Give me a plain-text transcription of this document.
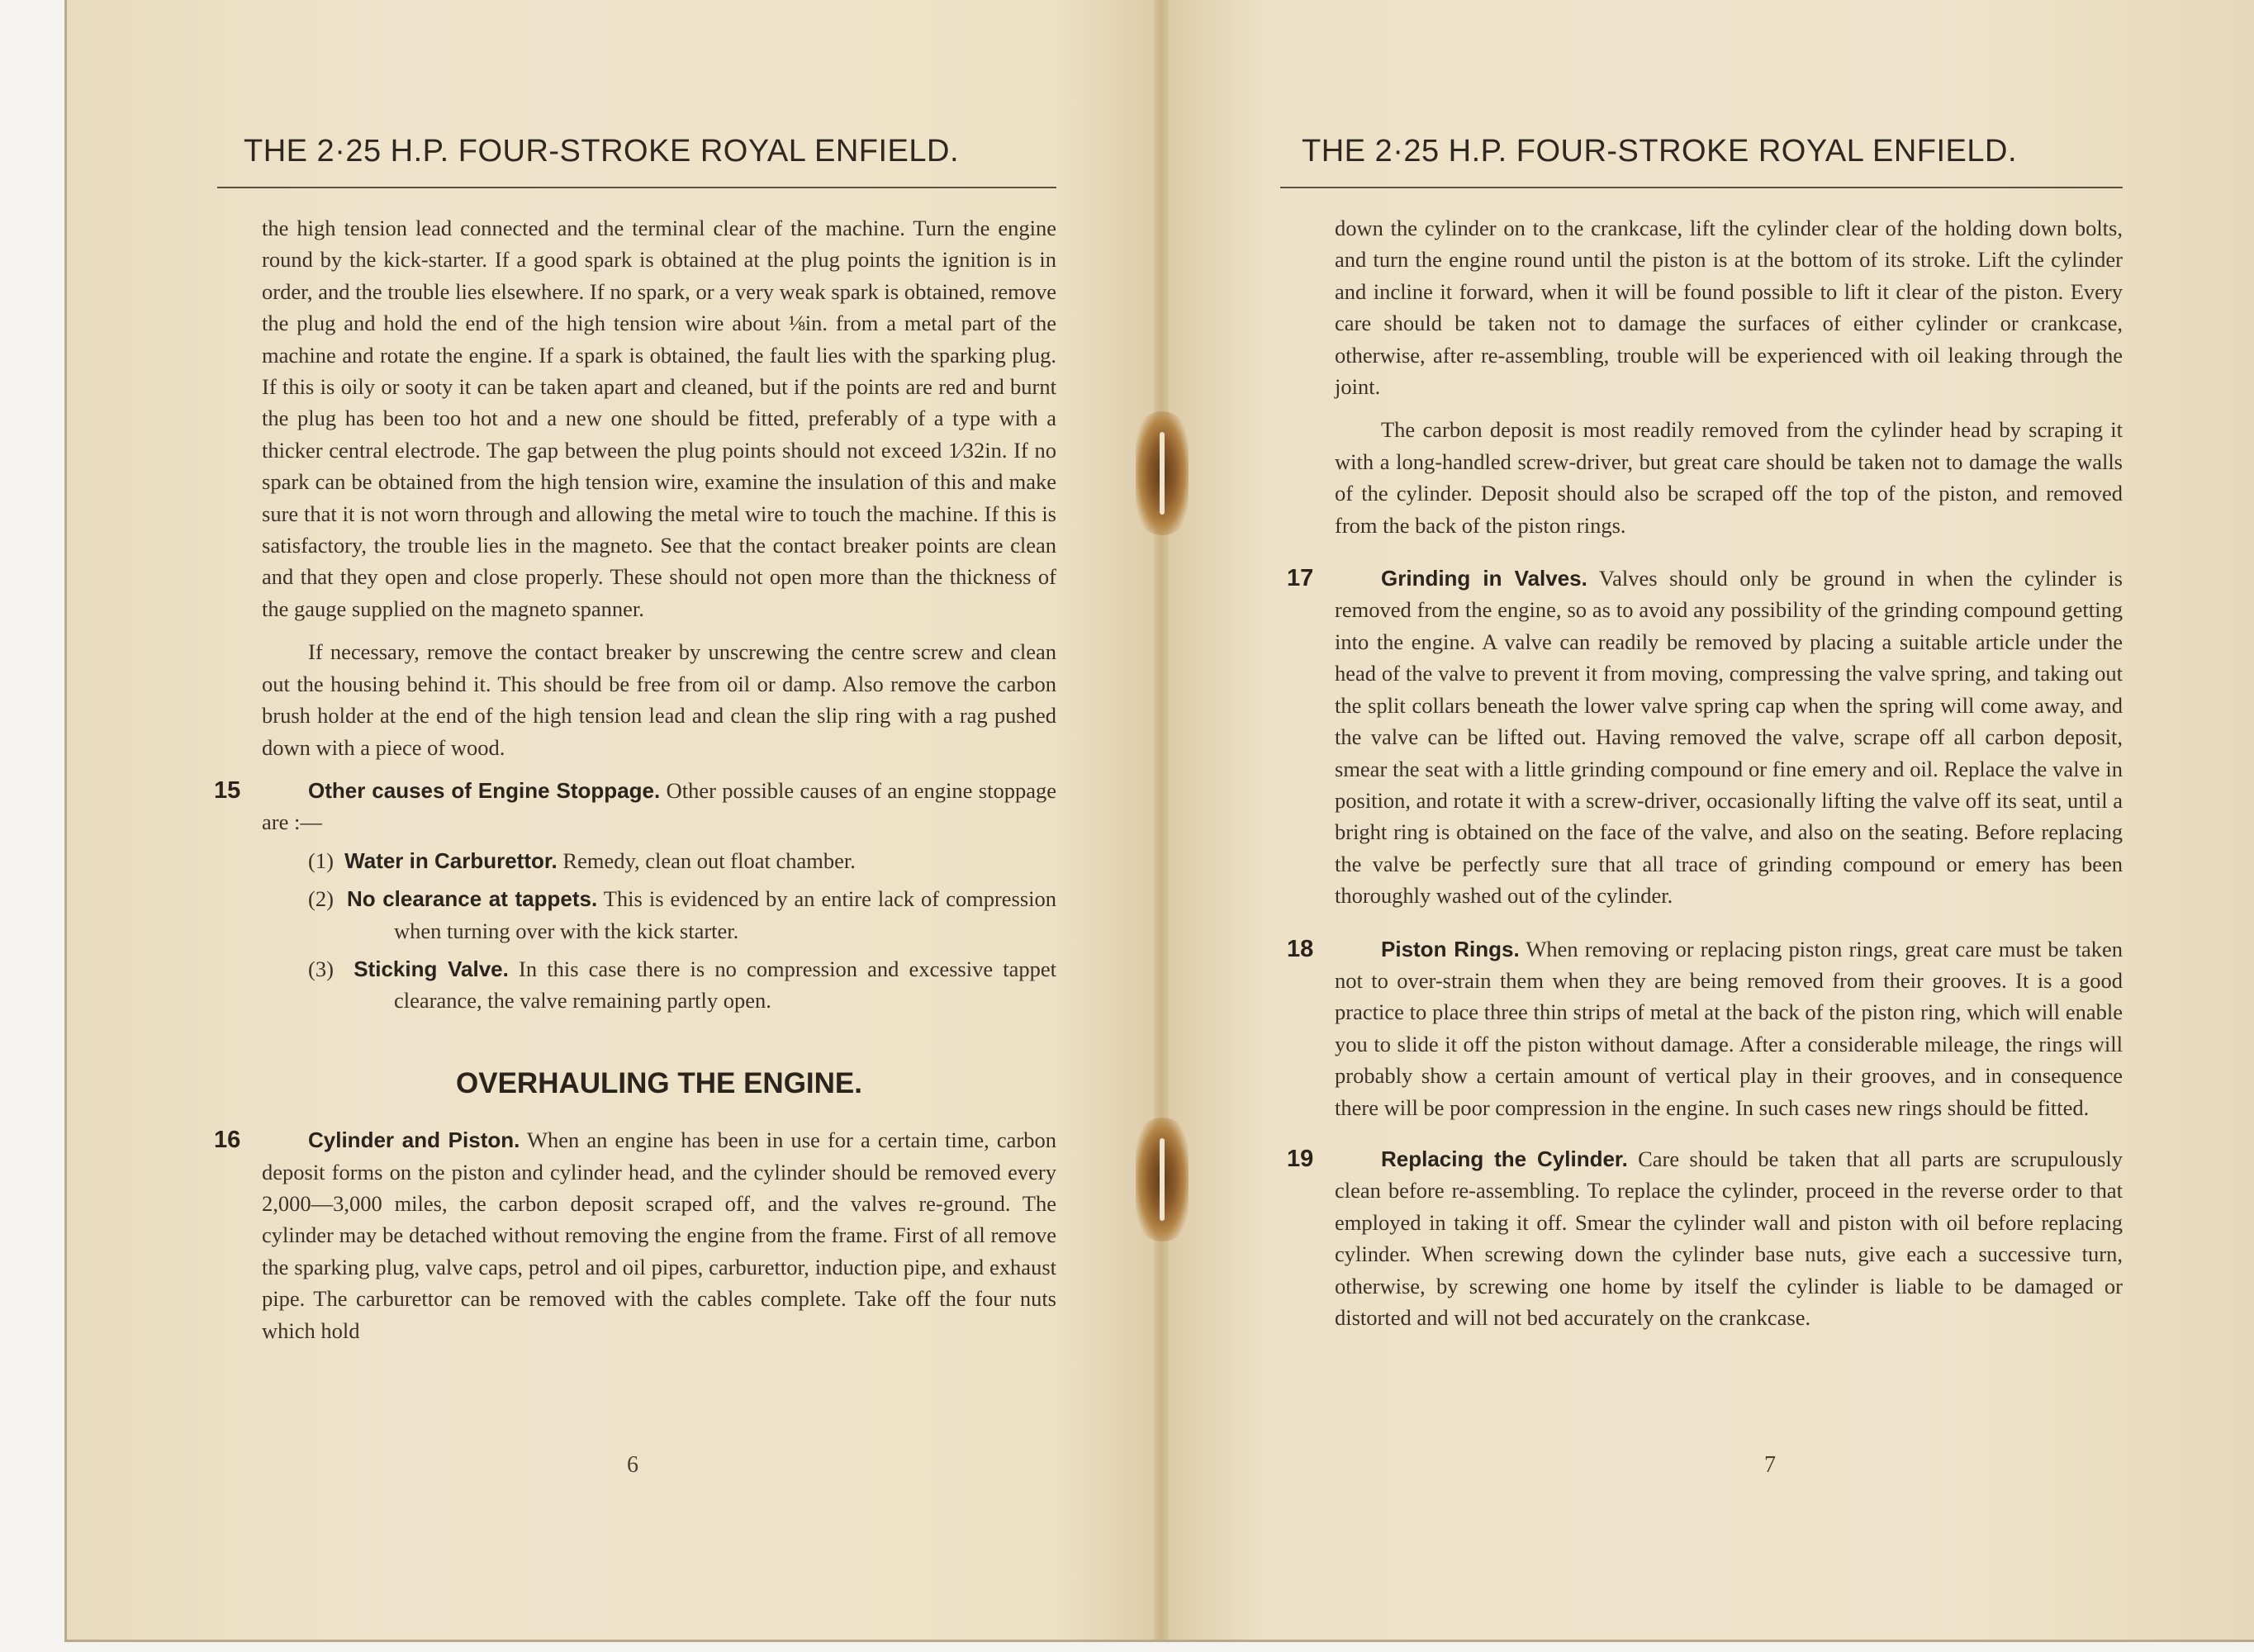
THE 2·25 H.P. FOUR-STROKE ROYAL ENFIELD.

the high tension lead connected and the terminal clear of the machine. Turn the engine round by the kick-starter. If a good spark is obtained at the plug points the ignition is in order, and the trouble lies elsewhere. If no spark, or a very weak spark is obtained, remove the plug and hold the end of the high tension wire about ⅛in. from a metal part of the machine and rotate the engine. If a spark is obtained, the fault lies with the sparking plug. If this is oily or sooty it can be taken apart and cleaned, but if the points are red and burnt the plug has been too hot and a new one should be fitted, preferably of a type with a thicker central electrode. The gap between the plug points should not exceed 1⁄32in. If no spark can be obtained from the high tension wire, examine the insulation of this and make sure that it is not worn through and allowing the metal wire to touch the machine. If this is satisfactory, the trouble lies in the magneto. See that the contact breaker points are clean and that they open and close properly. These should not open more than the thickness of the gauge supplied on the magneto spanner.

If necessary, remove the contact breaker by unscrewing the centre screw and clean out the housing behind it. This should be free from oil or damp. Also remove the carbon brush holder at the end of the high tension lead and clean the slip ring with a rag pushed down with a piece of wood.

15	Other causes of Engine Stoppage. Other possible causes of an engine stoppage are :—

(1) Water in Carburettor. Remedy, clean out float chamber.

(2) No clearance at tappets. This is evidenced by an entire lack of compression when turning over with the kick starter.

(3) Sticking Valve. In this case there is no compression and excessive tappet clearance, the valve remaining partly open.

OVERHAULING THE ENGINE.
16	Cylinder and Piston. When an engine has been in use for a certain time, carbon deposit forms on the piston and cylinder head, and the cylinder should be removed every 2,000—3,000 miles, the carbon deposit scraped off, and the valves re-ground. The cylinder may be detached without removing the engine from the frame. First of all remove the sparking plug, valve caps, petrol and oil pipes, carburettor, induction pipe, and exhaust pipe. The carburettor can be removed with the cables complete. Take off the four nuts which hold

6
THE 2·25 H.P. FOUR-STROKE ROYAL ENFIELD.

down the cylinder on to the crankcase, lift the cylinder clear of the holding down bolts, and turn the engine round until the piston is at the bottom of its stroke. Lift the cylinder and incline it forward, when it will be found possible to lift it clear of the piston. Every care should be taken not to damage the surfaces of either cylinder or crankcase, otherwise, after re-assembling, trouble will be experienced with oil leaking through the joint.

The carbon deposit is most readily removed from the cylinder head by scraping it with a long-handled screw-driver, but great care should be taken not to damage the walls of the cylinder. Deposit should also be scraped off the top of the piston, and removed from the back of the piston rings.

17	Grinding in Valves. Valves should only be ground in when the cylinder is removed from the engine, so as to avoid any possibility of the grinding compound getting into the engine. A valve can readily be removed by placing a suitable article under the head of the valve to prevent it from moving, compressing the valve spring, and taking out the split collars beneath the lower valve spring cap when the spring will come away, and the valve can be lifted out. Having removed the valve, scrape off all carbon deposit, smear the seat with a little grinding compound or fine emery and oil. Replace the valve in position, and rotate it with a screw-driver, occasionally lifting the valve off its seat, until a bright ring is obtained on the face of the valve, and also on the seating. Before replacing the valve be perfectly sure that all trace of grinding compound or emery has been thoroughly washed out of the cylinder.

18	Piston Rings. When removing or replacing piston rings, great care must be taken not to over-strain them when they are being removed from their grooves. It is a good practice to place three thin strips of metal at the back of the piston ring, which will enable you to slide it off the piston without damage. After a considerable mileage, the rings will probably show a certain amount of vertical play in their grooves, and in consequence there will be poor compression in the engine. In such cases new rings should be fitted.

19	Replacing the Cylinder. Care should be taken that all parts are scrupulously clean before re-assembling. To replace the cylinder, proceed in the reverse order to that employed in taking it off. Smear the cylinder wall and piston with oil before replacing cylinder. When screwing down the cylinder base nuts, give each a successive turn, otherwise, by screwing one home by itself the cylinder is liable to be damaged or distorted and will not bed accurately on the crankcase.

7
